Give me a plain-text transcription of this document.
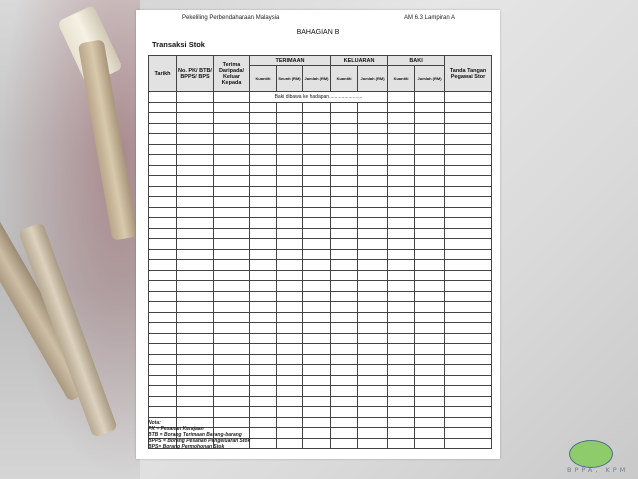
Pekeliling Perbendaharaan Malaysia	AM 6.3 Lampiran A
BAHAGIAN B
Transaksi Stok
Tarikh	No. PK/ BTB/ BPPS/ BPS	Terima Daripada/ Keluar Kepada	TERIMAAN			KELUARAN		BAKI		Tanda Tangan Pegawai Stor
			Kuantiti	Seunit (RM)	Jumlah (RM)	Kuantiti	Jumlah (RM)	Kuantiti	Jumlah (RM)	
			Baki dibawa ke hadapan........................							

Nota:
PK = Pesanan Kerajaan
BTB = Borang Terimaan Barang-barang
BPPS = Borang Pesanan Pengeluaran Stok
BPS= Borang Permohonan Stok
BPPA, KPM
